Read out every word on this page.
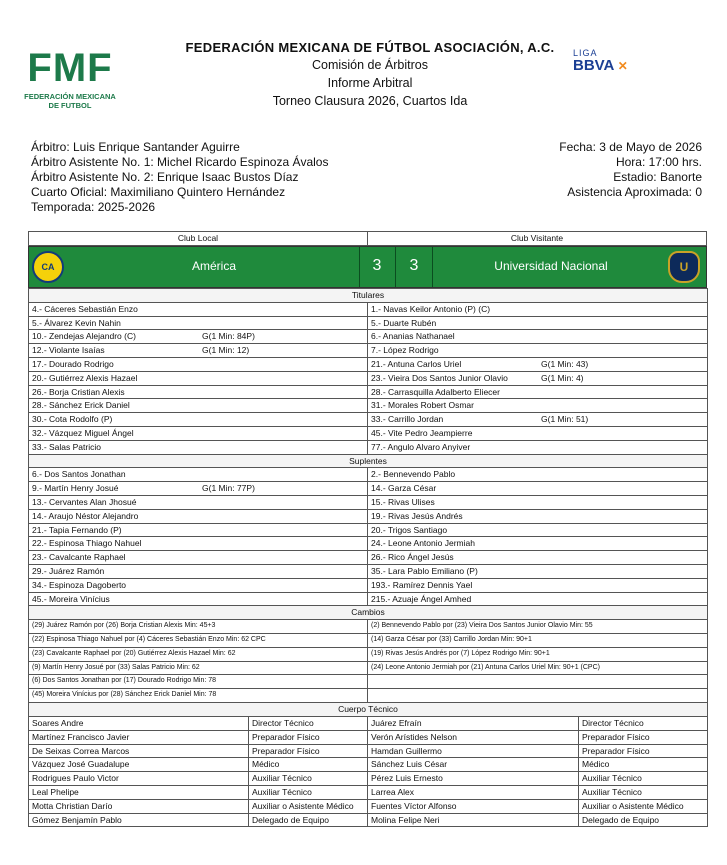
FMF
FEDERACIÓN MEXICANA
DE FUTBOL
FEDERACIÓN MEXICANA DE FÚTBOL ASOCIACIÓN, A.C.
Comisión de Árbitros
Informe Arbitral
Torneo Clausura 2026, Cuartos Ida
LIGA
BBVA ✕
Árbitro: Luis Enrique Santander Aguirre
Árbitro Asistente No. 1: Michel Ricardo Espinoza Ávalos
Árbitro Asistente No. 2: Enrique Isaac Bustos Díaz
Cuarto Oficial: Maximiliano Quintero Hernández
Temporada: 2025-2026
Fecha: 3 de Mayo de 2026
Hora: 17:00 hrs.
Estadio: Banorte
Asistencia Aproximada: 0
Club Local	Club Visitante
CA	América	3	3	Universidad Nacional	U
Titulares	
4.- Cáceres Sebastián Enzo	1.- Navas Keilor Antonio (P) (C)
5.- Álvarez Kevin Nahin	5.- Duarte Rubén
10.- Zendejas Alejandro (C) G(1 Min: 84P)	6.- Ananias Nathanael
12.- Violante Isaías G(1 Min: 12)	7.- López Rodrigo
17.- Dourado Rodrigo	21.- Antuna Carlos Uriel G(1 Min: 43)
20.- Gutiérrez Alexis Hazael	23.- Vieira Dos Santos Junior Olavio G(1 Min: 4)
26.- Borja Cristian Alexis	28.- Carrasquilla Adalberto Eliecer
28.- Sánchez Erick Daniel	31.- Morales Robert Osmar
30.- Cota Rodolfo (P)	33.- Carrillo Jordan G(1 Min: 51)
32.- Vázquez Miguel Ángel	45.- Vite Pedro Jeampierre
33.- Salas Patricio	77.- Angulo Alvaro Anyiver
Suplentes	
6.- Dos Santos Jonathan	2.- Bennevendo Pablo
9.- Martín Henry Josué G(1 Min: 77P)	14.- Garza César
13.- Cervantes Alan Jhosué	15.- Rivas Ulises
14.- Araujo Néstor Alejandro	19.- Rivas Jesús Andrés
21.- Tapia Fernando (P)	20.- Trigos Santiago
22.- Espinosa Thiago Nahuel	24.- Leone Antonio Jermiah
23.- Cavalcante Raphael	26.- Rico Ángel Jesús
29.- Juárez Ramón	35.- Lara Pablo Emiliano (P)
34.- Espinoza Dagoberto	193.- Ramírez Dennis Yael
45.- Moreira Vinícius	215.- Azuaje Ángel Amhed
Cambios	
(29) Juárez Ramón por (26) Borja Cristian Alexis Min: 45+3	(2) Bennevendo Pablo por (23) Vieira Dos Santos Junior Olavio Min: 55
(22) Espinosa Thiago Nahuel por (4) Cáceres Sebastián Enzo Min: 62 CPC	(14) Garza César por (33) Carrillo Jordan Min: 90+1
(23) Cavalcante Raphael por (20) Gutiérrez Alexis Hazael Min: 62	(19) Rivas Jesús Andrés por (7) López Rodrigo Min: 90+1
(9) Martín Henry Josué por (33) Salas Patricio Min: 62	(24) Leone Antonio Jermiah por (21) Antuna Carlos Uriel Min: 90+1 (CPC)
(6) Dos Santos Jonathan por (17) Dourado Rodrigo Min: 78	
(45) Moreira Vinícius por (28) Sánchez Erick Daniel Min: 78	
Cuerpo Técnico	
Soares Andre	Director Técnico	Juárez Efraín	Director Técnico
Martínez Francisco Javier	Preparador Físico	Verón Arístides Nelson	Preparador Físico
De Seixas Correa Marcos	Preparador Físico	Hamdan Guillermo	Preparador Físico
Vázquez José Guadalupe	Médico	Sánchez Luis César	Médico
Rodrigues Paulo Victor	Auxiliar Técnico	Pérez Luis Ernesto	Auxiliar Técnico
Leal Phelipe	Auxiliar Técnico	Larrea Alex	Auxiliar Técnico
Motta Christian Darío	Auxiliar o Asistente Médico	Fuentes Víctor Alfonso	Auxiliar o Asistente Médico
Gómez Benjamín Pablo	Delegado de Equipo	Molina Felipe Neri	Delegado de Equipo
